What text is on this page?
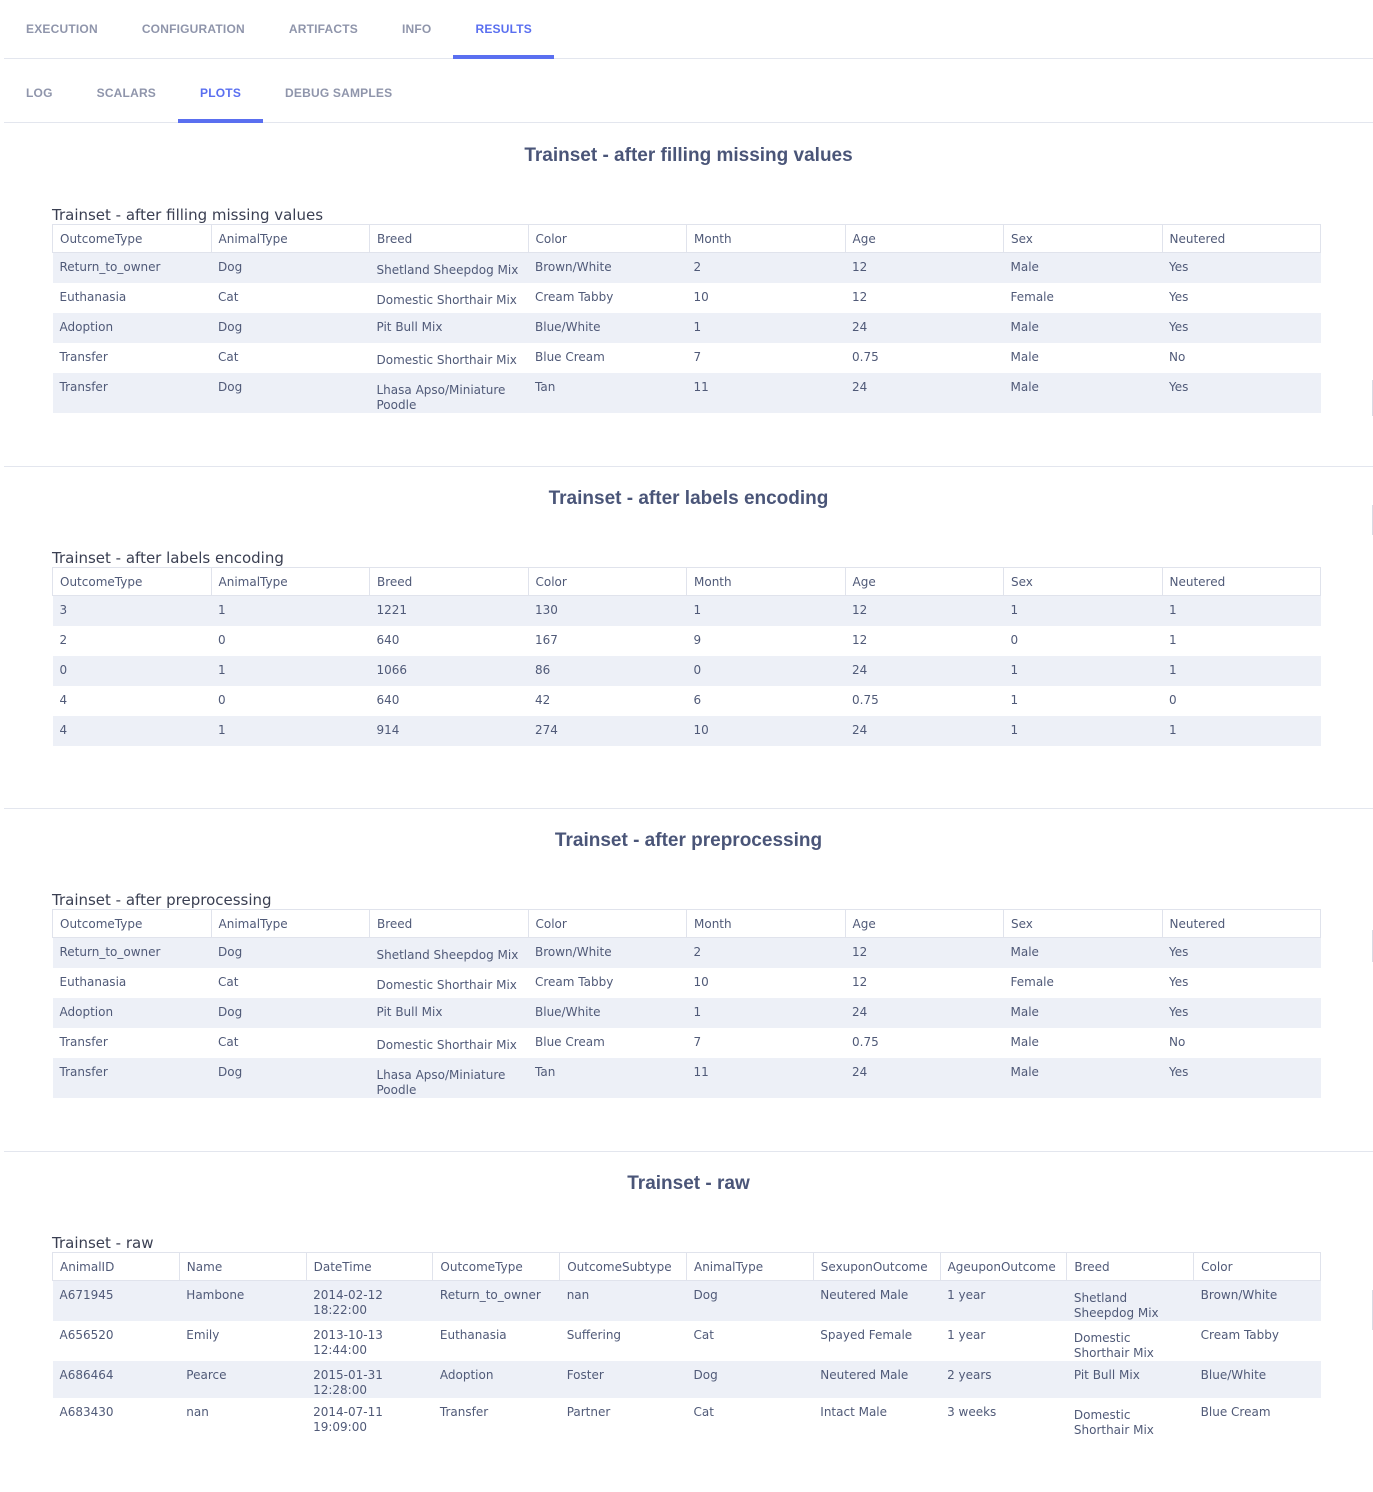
EXECUTION	CONFIGURATION	ARTIFACTS	INFO	RESULTS
LOG	SCALARS	PLOTS	DEBUG SAMPLES
Trainset - after filling missing values
Trainset - after filling missing values
OutcomeType	AnimalType	Breed	Color	Month	Age	Sex	Neutered
Return_to_owner	Dog	Shetland Sheepdog Mix	Brown/White	2	12	Male	Yes
Euthanasia	Cat	Domestic Shorthair Mix	Cream Tabby	10	12	Female	Yes
Adoption	Dog	Pit Bull Mix	Blue/White	1	24	Male	Yes
Transfer	Cat	Domestic Shorthair Mix	Blue Cream	7	0.75	Male	No
Transfer	Dog	Lhasa Apso/Miniature Poodle	Tan	11	24	Male	Yes
Trainset - after labels encoding
Trainset - after labels encoding
OutcomeType	AnimalType	Breed	Color	Month	Age	Sex	Neutered
3	1	1221	130	1	12	1	1
2	0	640	167	9	12	0	1
0	1	1066	86	0	24	1	1
4	0	640	42	6	0.75	1	0
4	1	914	274	10	24	1	1
Trainset - after preprocessing
Trainset - after preprocessing
OutcomeType	AnimalType	Breed	Color	Month	Age	Sex	Neutered
Return_to_owner	Dog	Shetland Sheepdog Mix	Brown/White	2	12	Male	Yes
Euthanasia	Cat	Domestic Shorthair Mix	Cream Tabby	10	12	Female	Yes
Adoption	Dog	Pit Bull Mix	Blue/White	1	24	Male	Yes
Transfer	Cat	Domestic Shorthair Mix	Blue Cream	7	0.75	Male	No
Transfer	Dog	Lhasa Apso/Miniature Poodle	Tan	11	24	Male	Yes
Trainset - raw
Trainset - raw
AnimalID	Name	DateTime	OutcomeType	OutcomeSubtype	AnimalType	SexuponOutcome	AgeuponOutcome	Breed	Color
A671945	Hambone	2014-02-12 18:22:00	Return_to_owner	nan	Dog	Neutered Male	1 year	Shetland Sheepdog Mix	Brown/White
A656520	Emily	2013-10-13 12:44:00	Euthanasia	Suffering	Cat	Spayed Female	1 year	Domestic Shorthair Mix	Cream Tabby
A686464	Pearce	2015-01-31 12:28:00	Adoption	Foster	Dog	Neutered Male	2 years	Pit Bull Mix	Blue/White
A683430	nan	2014-07-11 19:09:00	Transfer	Partner	Cat	Intact Male	3 weeks	Domestic Shorthair Mix	Blue Cream
